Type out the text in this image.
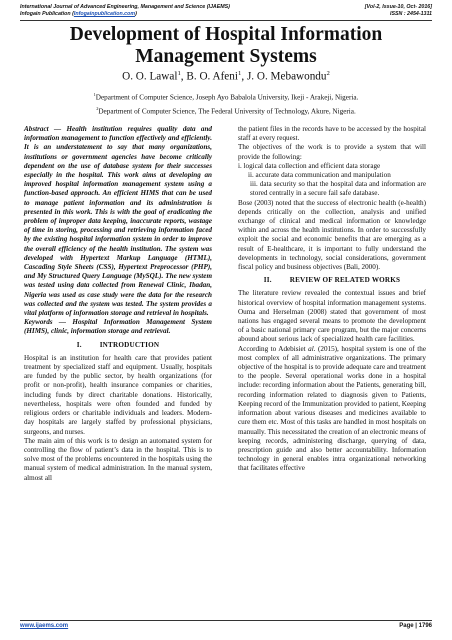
International Journal of Advanced Engineering, Management and Science (IJAEMS)	[Vol-2, Issue-10, Oct- 2016]
Infogain Publication (Infogainpublication.com)	ISSN : 2454-1311
Development of Hospital Information Management Systems
O. O. Lawal$^1$, B. O. Afeni$^1$, J. O. Mebawondu$^2$
$^1$Department of Computer Science, Joseph Ayo Babalola University, Ikeji - Arakeji, Nigeria.
$^2$Department of Computer Science, The Federal University of Technology, Akure, Nigeria.

Abstract — Health institution requires quality data and information management to function effectively and efficiently. It is an understatement to say that many organizations, institutions or government agencies have become critically dependent on the use of database system for their successes especially in the hospital. This work aims at developing an improved hospital information management system using a function-based approach. An efficient HIMS that can be used to manage patient information and its administration is presented in this work. This is with the goal of eradicating the problem of improper data keeping, inaccurate reports, wastage of time in storing, processing and retrieving information faced by the existing hospital information system in order to improve the overall efficiency of the health institution. The system was developed with Hypertext Markup Language (HTML), Cascading Style Sheets (CSS), Hypertext Preprocessor (PHP), and My Structured Query Language (MySQL). The new system was tested using data collected from Renewal Clinic, Ibadan, Nigeria was used as case study were the data for the research was collected and the system was tested. The system provides a vital platform of information storage and retrieval in hospitals.

Keywords — Hospital Information Management System (HIMS), clinic, information storage and retrieval.

I.	INTRODUCTION

Hospital is an institution for health care that provides patient treatment by specialized staff and equipment. Usually, hospitals are funded by the public sector, by health organizations (for profit or non-profit), health insurance companies or charities, including funds by direct charitable donations. Historically, nevertheless, hospitals were often founded and funded by religious orders or charitable individuals and leaders. Modern-day hospitals are largely staffed by professional physicians, surgeons, and nurses.

The main aim of this work is to design an automated system for controlling the flow of patient’s data in the hospital. This is to solve most of the problems encountered in the hospitals using the manual system of medical administration. In the manual system, almost all

the patient files in the records have to be accessed by the hospital staff at every request.

The objectives of the work is to provide a system that will provide the following:

i. logical data collection and efficient data storage

ii. accurate data communication and manipulation

iii. data security so that the hospital data and information are stored centrally in a secure fail safe database.

Bose (2003) noted that the success of electronic health (e-health) depends critically on the collection, analysis and unified exchange of clinical and medical information or knowledge within and across the health institutions. In order to successfully exploit the social and economic benefits that are emerging as a result of E-healthcare, it is important to fully understand the developments in technology, social considerations, government fiscal policy and business objectives (Bali, 2000).

II.	REVIEW OF RELATED WORKS

The literature review revealed the contextual issues and brief historical overview of hospital information management systems. Ouma and Herselman (2008) stated that government of most nations has engaged several means to promote the development of a basic national primary care program, but the major concerns abound about serious lack of specialized health care facilities.

According to Adebisiet al. (2015), hospital system is one of the most complex of all administrative organizations. The primary objective of the hospital is to provide adequate care and treatment to the people. Several operational works done in a hospital include: recording information about the Patients, generating bill, recording information related to diagnosis given to Patients, Keeping record of the Immunization provided to patient, Keeping information about various diseases and medicines available to cure them etc. Most of this tasks are handled in most hospitals on manually. This necessitated the creation of an electronic means of keeping records, administering discharge, querying of data, prescription guide and also better accountability. Information technology in general enables intra organizational networking that facilitates effective

www.ijaems.com	Page | 1796
